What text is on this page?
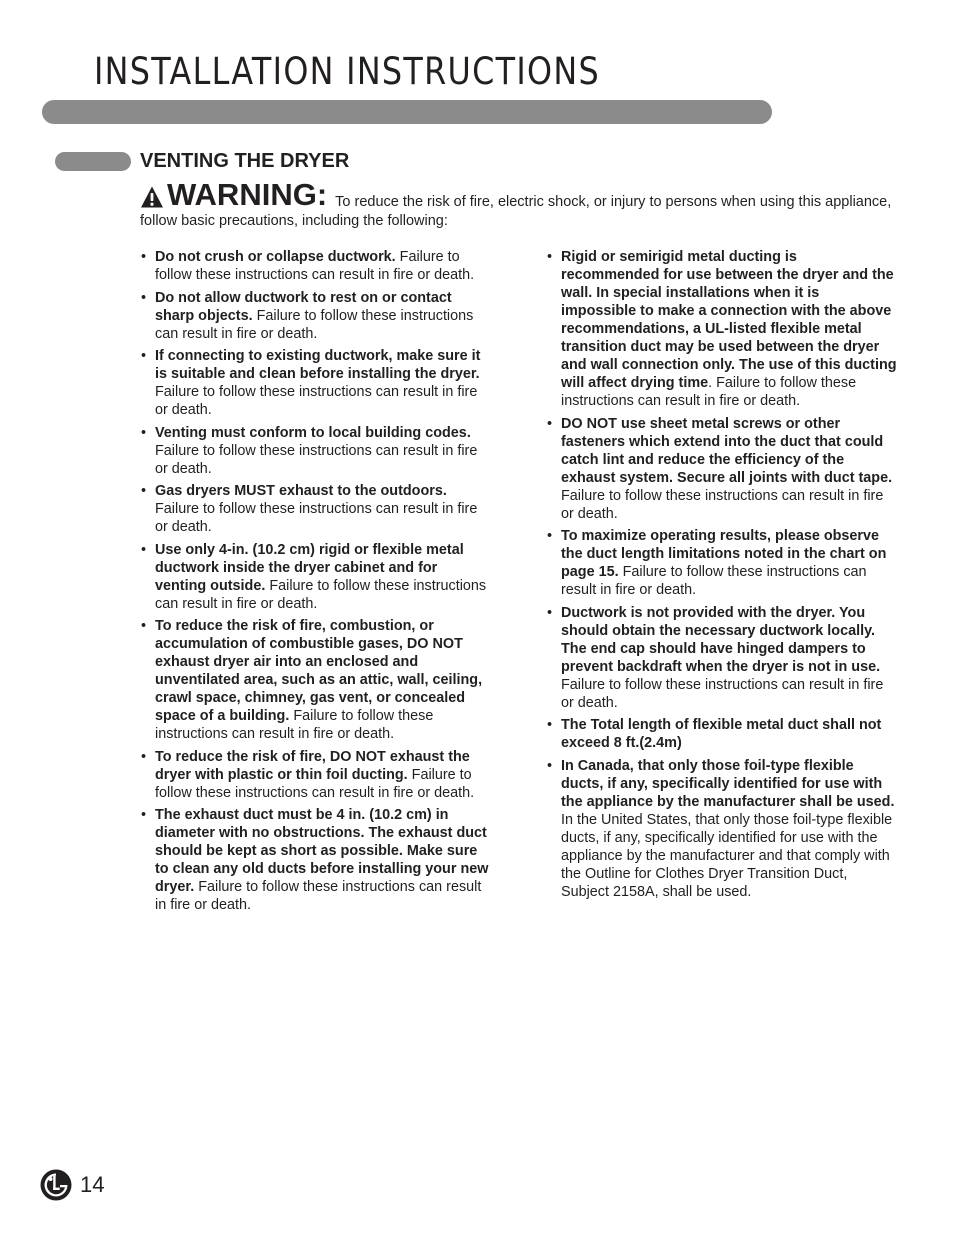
INSTALLATION INSTRUCTIONS
VENTING THE DRYER
WARNING: To reduce the risk of fire, electric shock, or injury to persons when using this appliance, follow basic precautions, including the following:
• Do not crush or collapse ductwork. Failure to follow these instructions can result in fire or death.
• Do not allow ductwork to rest on or contact sharp objects. Failure to follow these instructions can result in fire or death.
• If connecting to existing ductwork, make sure it is suitable and clean before installing the dryer. Failure to follow these instructions can result in fire or death.
• Venting must conform to local building codes. Failure to follow these instructions can result in fire or death.
• Gas dryers MUST exhaust to the outdoors. Failure to follow these instructions can result in fire or death.
• Use only 4-in. (10.2 cm) rigid or flexible metal ductwork inside the dryer cabinet and for venting outside. Failure to follow these instructions can result in fire or death.
• To reduce the risk of fire, combustion, or accumulation of combustible gases, DO NOT exhaust dryer air into an enclosed and unventilated area, such as an attic, wall, ceiling, crawl space, chimney, gas vent, or concealed space of a building. Failure to follow these instructions can result in fire or death.
• To reduce the risk of fire, DO NOT exhaust the dryer with plastic or thin foil ducting. Failure to follow these instructions can result in fire or death.
• The exhaust duct must be 4 in. (10.2 cm) in diameter with no obstructions. The exhaust duct should be kept as short as possible. Make sure to clean any old ducts before installing your new dryer. Failure to follow these instructions can result in fire or death.
• Rigid or semirigid metal ducting is recommended for use between the dryer and the wall. In special installations when it is impossible to make a connection with the above recommendations, a UL-listed flexible metal transition duct may be used between the dryer and wall connection only. The use of this ducting will affect drying time. Failure to follow these instructions can result in fire or death.
• DO NOT use sheet metal screws or other fasteners which extend into the duct that could catch lint and reduce the efficiency of the exhaust system. Secure all joints with duct tape. Failure to follow these instructions can result in fire or death.
• To maximize operating results, please observe the duct length limitations noted in the chart on page 15. Failure to follow these instructions can result in fire or death.
• Ductwork is not provided with the dryer. You should obtain the necessary ductwork locally. The end cap should have hinged dampers to prevent backdraft when the dryer is not in use. Failure to follow these instructions can result in fire or death.
• The Total length of flexible metal duct shall not exceed 8 ft.(2.4m)
• In Canada, that only those foil-type flexible ducts, if any, specifically identified for use with the appliance by the manufacturer shall be used. In the United States, that only those foil-type flexible ducts, if any, specifically identified for use with the appliance by the manufacturer and that comply with the Outline for Clothes Dryer Transition Duct, Subject 2158A, shall be used.
14
